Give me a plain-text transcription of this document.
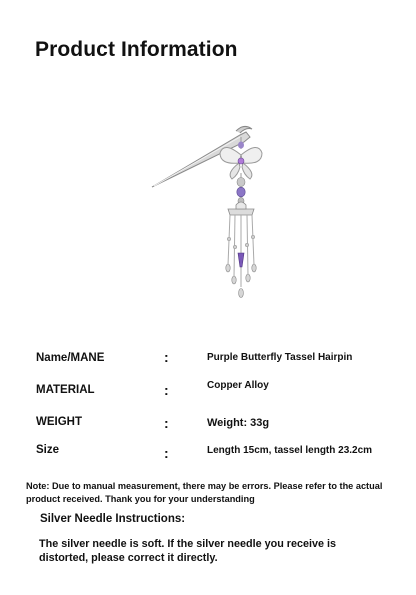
Product Information
Name/MANE	:	Purple Butterfly Tassel Hairpin
MATERIAL	:	Copper Alloy
WEIGHT	:	Weight: 33g
Size	:	Length 15cm, tassel length 23.2cm
Note: Due to manual measurement, there may be errors. Please refer to the actual product received. Thank you for your understanding
Silver Needle Instructions:
The silver needle is soft. If the silver needle you receive is distorted, please correct it directly.
